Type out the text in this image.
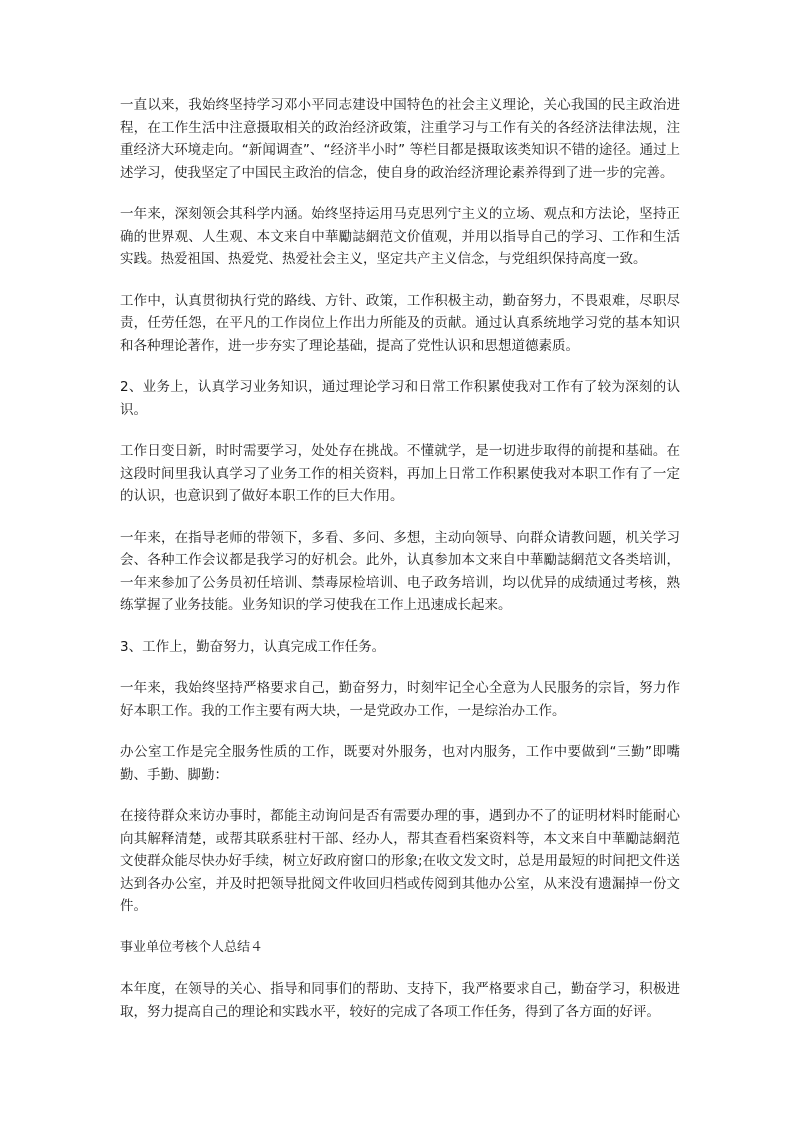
一直以来，我始终坚持学习邓小平同志建设中国特色的社会主义理论，关心我国的民主政治进程，在工作生活中注意摄取相关的政治经济政策，注重学习与工作有关的各经济法律法规，注重经济大环境走向。“新闻调查”、“经济半小时” 等栏目都是摄取该类知识不错的途径。通过上述学习，使我坚定了中国民主政治的信念，使自身的政治经济理论素养得到了进一步的完善。

一年来，深刻领会其科学内涵。始终坚持运用马克思列宁主义的立场、观点和方法论，坚持正确的世界观、人生观、本文来自中華勵誌網范文价值观，并用以指导自己的学习、工作和生活实践。热爱祖国、热爱党、热爱社会主义，坚定共产主义信念，与党组织保持高度一致。

工作中，认真贯彻执行党的路线、方针、政策，工作积极主动，勤奋努力，不畏艰难，尽职尽责，任劳任怨，在平凡的工作岗位上作出力所能及的贡献。通过认真系统地学习党的基本知识和各种理论著作，进一步夯实了理论基础，提高了党性认识和思想道德素质。

2、业务上，认真学习业务知识，通过理论学习和日常工作积累使我对工作有了较为深刻的认识。

工作日变日新，时时需要学习，处处存在挑战。不懂就学，是一切进步取得的前提和基础。在这段时间里我认真学习了业务工作的相关资料，再加上日常工作积累使我对本职工作有了一定的认识，也意识到了做好本职工作的巨大作用。

一年来，在指导老师的带领下，多看、多问、多想，主动向领导、向群众请教问题，机关学习会、各种工作会议都是我学习的好机会。此外，认真参加本文来自中華勵誌網范文各类培训，一年来参加了公务员初任培训、禁毒尿检培训、电子政务培训，均以优异的成绩通过考核，熟练掌握了业务技能。业务知识的学习使我在工作上迅速成长起来。

3、工作上，勤奋努力，认真完成工作任务。

一年来，我始终坚持严格要求自己，勤奋努力，时刻牢记全心全意为人民服务的宗旨，努力作好本职工作。我的工作主要有两大块，一是党政办工作，一是综治办工作。

办公室工作是完全服务性质的工作，既要对外服务，也对内服务，工作中要做到“三勤”即嘴勤、手勤、脚勤：

在接待群众来访办事时，都能主动询问是否有需要办理的事，遇到办不了的证明材料时能耐心向其解释清楚，或帮其联系驻村干部、经办人，帮其查看档案资料等，本文来自中華勵誌網范文使群众能尽快办好手续，树立好政府窗口的形象;在收文发文时，总是用最短的时间把文件送达到各办公室，并及时把领导批阅文件收回归档或传阅到其他办公室，从来没有遗漏掉一份文件。

事业单位考核个人总结４

本年度，在领导的关心、指导和同事们的帮助、支持下，我严格要求自己，勤奋学习，积极进取，努力提高自己的理论和实践水平，较好的完成了各项工作任务，得到了各方面的好评。
